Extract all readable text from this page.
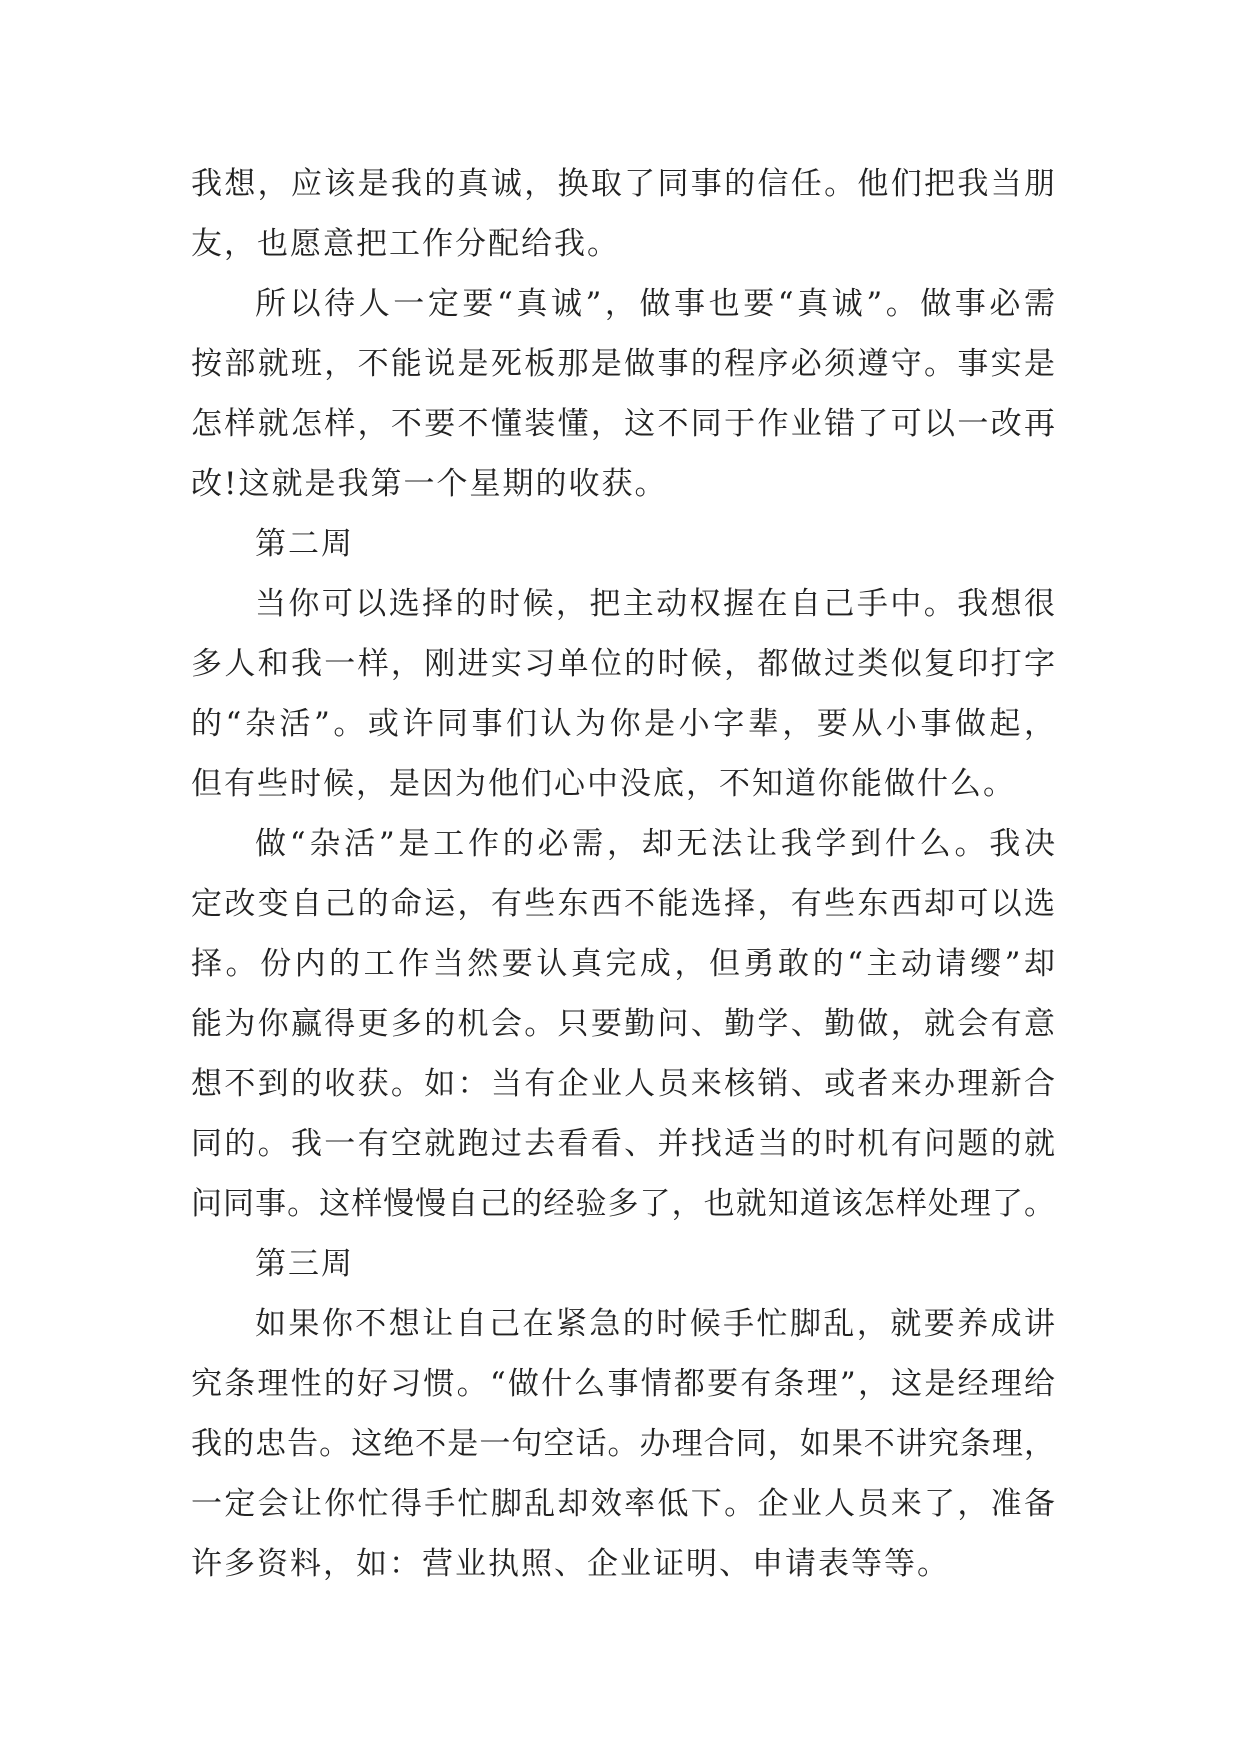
我想，应该是我的真诚，换取了同事的信任。他们把我当朋
友，也愿意把工作分配给我。
所以待人一定要“真诚”，做事也要“真诚”。做事必需
按部就班，不能说是死板那是做事的程序必须遵守。事实是
怎样就怎样，不要不懂装懂，这不同于作业错了可以一改再
改!这就是我第一个星期的收获。
第二周
当你可以选择的时候，把主动权握在自己手中。我想很
多人和我一样，刚进实习单位的时候，都做过类似复印打字
的“杂活”。或许同事们认为你是小字辈，要从小事做起，
但有些时候，是因为他们心中没底，不知道你能做什么。
做“杂活”是工作的必需，却无法让我学到什么。我决
定改变自己的命运，有些东西不能选择，有些东西却可以选
择。份内的工作当然要认真完成，但勇敢的“主动请缨”却
能为你赢得更多的机会。只要勤问、勤学、勤做，就会有意
想不到的收获。如：当有企业人员来核销、或者来办理新合
同的。我一有空就跑过去看看、并找适当的时机有问题的就
问同事。这样慢慢自己的经验多了，也就知道该怎样处理了。
第三周
如果你不想让自己在紧急的时候手忙脚乱，就要养成讲
究条理性的好习惯。“做什么事情都要有条理”，这是经理给
我的忠告。这绝不是一句空话。办理合同，如果不讲究条理，
一定会让你忙得手忙脚乱却效率低下。企业人员来了，准备
许多资料，如：营业执照、企业证明、申请表等等。
